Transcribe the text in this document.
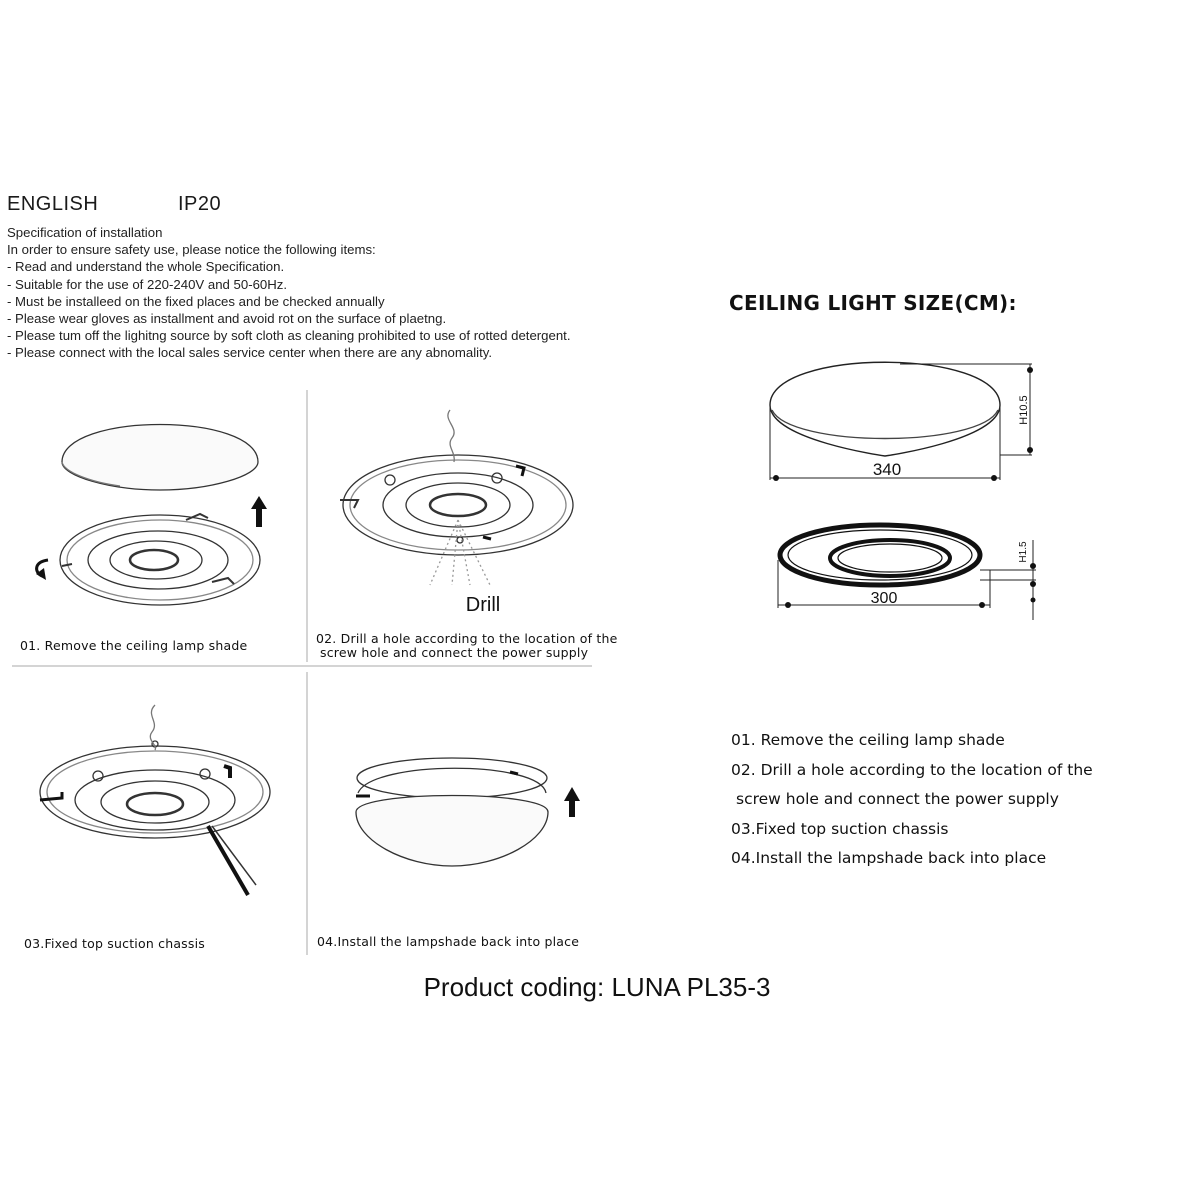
ENGLISH	IP20
Specification of installation
In order to ensure safety use, please notice the following items:
- Read and understand the whole Specification.
- Suitable for the use of 220-240V and 50-60Hz.
- Must be installeed on the fixed places and be checked annually
- Please wear gloves as installment and avoid rot on the surface of plaetng.
- Please tum off the lighitng source by soft cloth as cleaning prohibited to use of rotted detergent.
- Please connect with the local sales service center when there are any abnomality.
Drill
01. Remove the ceiling lamp shade	02. Drill a hole according to the location of the
screw hole and connect the power supply
03.Fixed top suction chassis	04.Install the lampshade back into place
CEILING LIGHT SIZE(CM):
340
H10.5
300
H1.5
01. Remove the ceiling lamp shade
02. Drill a hole according to the location of the
screw hole and connect the power supply
03.Fixed top suction chassis
04.Install the lampshade back into place
Product coding: LUNA PL35-3
